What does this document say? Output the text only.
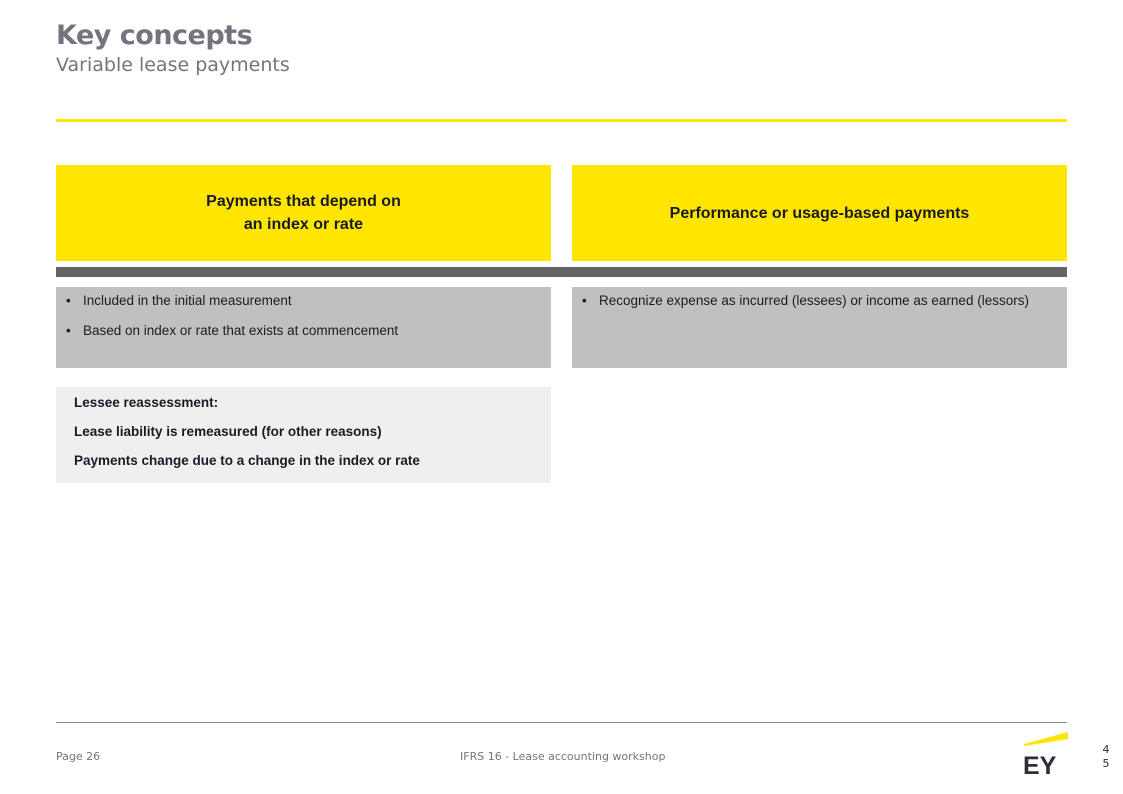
Key concepts
Variable lease payments
Payments that depend on
an index or rate
Performance or usage-based payments
• Included in the initial measurement
• Based on index or rate that exists at commencement
• Recognize expense as incurred (lessees) or income as earned (lessors)

Lessee reassessment:

Lease liability is remeasured (for other reasons)

Payments change due to a change in the index or rate

Page 26	IFRS 16 - Lease accounting workshop	EY
4
5
